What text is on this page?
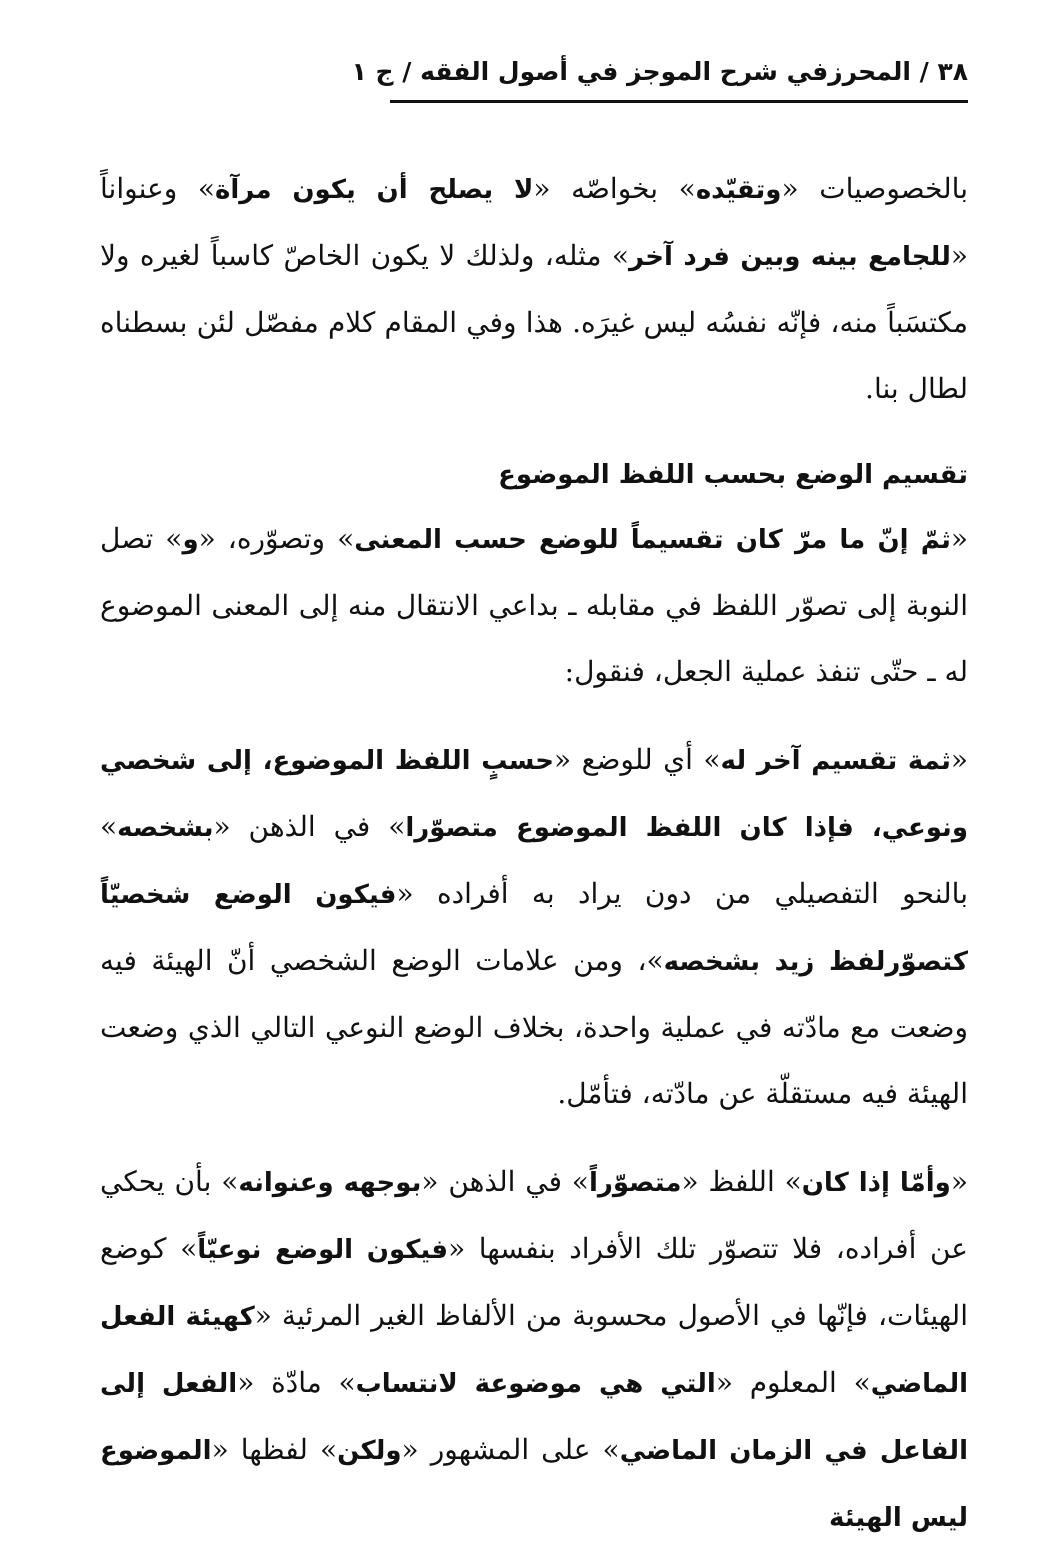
٣٨ / المحرزفي شرح الموجز في أصول الفقه / ج ١

بالخصوصيات «وتقيّده» بخواصّه «لا يصلح أن يكون مرآة» وعنواناً «للجامع بينه وبين فرد آخر» مثله، ولذلك لا يكون الخاصّ كاسباً لغيره ولا مكتسَباً منه، فإنّه نفسُه ليس غيرَه. هذا وفي المقام كلام مفصّل لئن بسطناه لطال بنا.

تقسيم الوضع بحسب اللفظ الموضوع

«ثمّ إنّ ما مرّ كان تقسيماً للوضع حسب المعنى» وتصوّره، «و» تصل النوبة إلى تصوّر اللفظ في مقابله ـ بداعي الانتقال منه إلى المعنى الموضوع له ـ حتّى تنفذ عملية الجعل، فنقول:

«ثمة تقسيم آخر له» أي للوضع «حسبٍ اللفظ الموضوع، إلى شخصي ونوعي، فإذا كان اللفظ الموضوع متصوّرا» في الذهن «بشخصه» بالنحو التفصيلي من دون يراد به أفراده «فيكون الوضع شخصيّاً كتصوّرلفظ زيد بشخصه»، ومن علامات الوضع الشخصي أنّ الهيئة فيه وضعت مع مادّته في عملية واحدة، بخلاف الوضع النوعي التالي الذي وضعت الهيئة فيه مستقلّة عن مادّته، فتأمّل.

«وأمّا إذا كان» اللفظ «متصوّراً» في الذهن «بوجهه وعنوانه» بأن يحكي عن أفراده، فلا تتصوّر تلك الأفراد بنفسها «فيكون الوضع نوعيّاً» كوضع الهيئات، فإنّها في الأصول محسوبة من الألفاظ الغير المرئية «كهيئة الفعل الماضي» المعلوم «التي هي موضوعة لانتساب» مادّة «الفعل إلى الفاعل في الزمان الماضي» على المشهور «ولكن» لفظها «الموضوع ليس الهيئة
